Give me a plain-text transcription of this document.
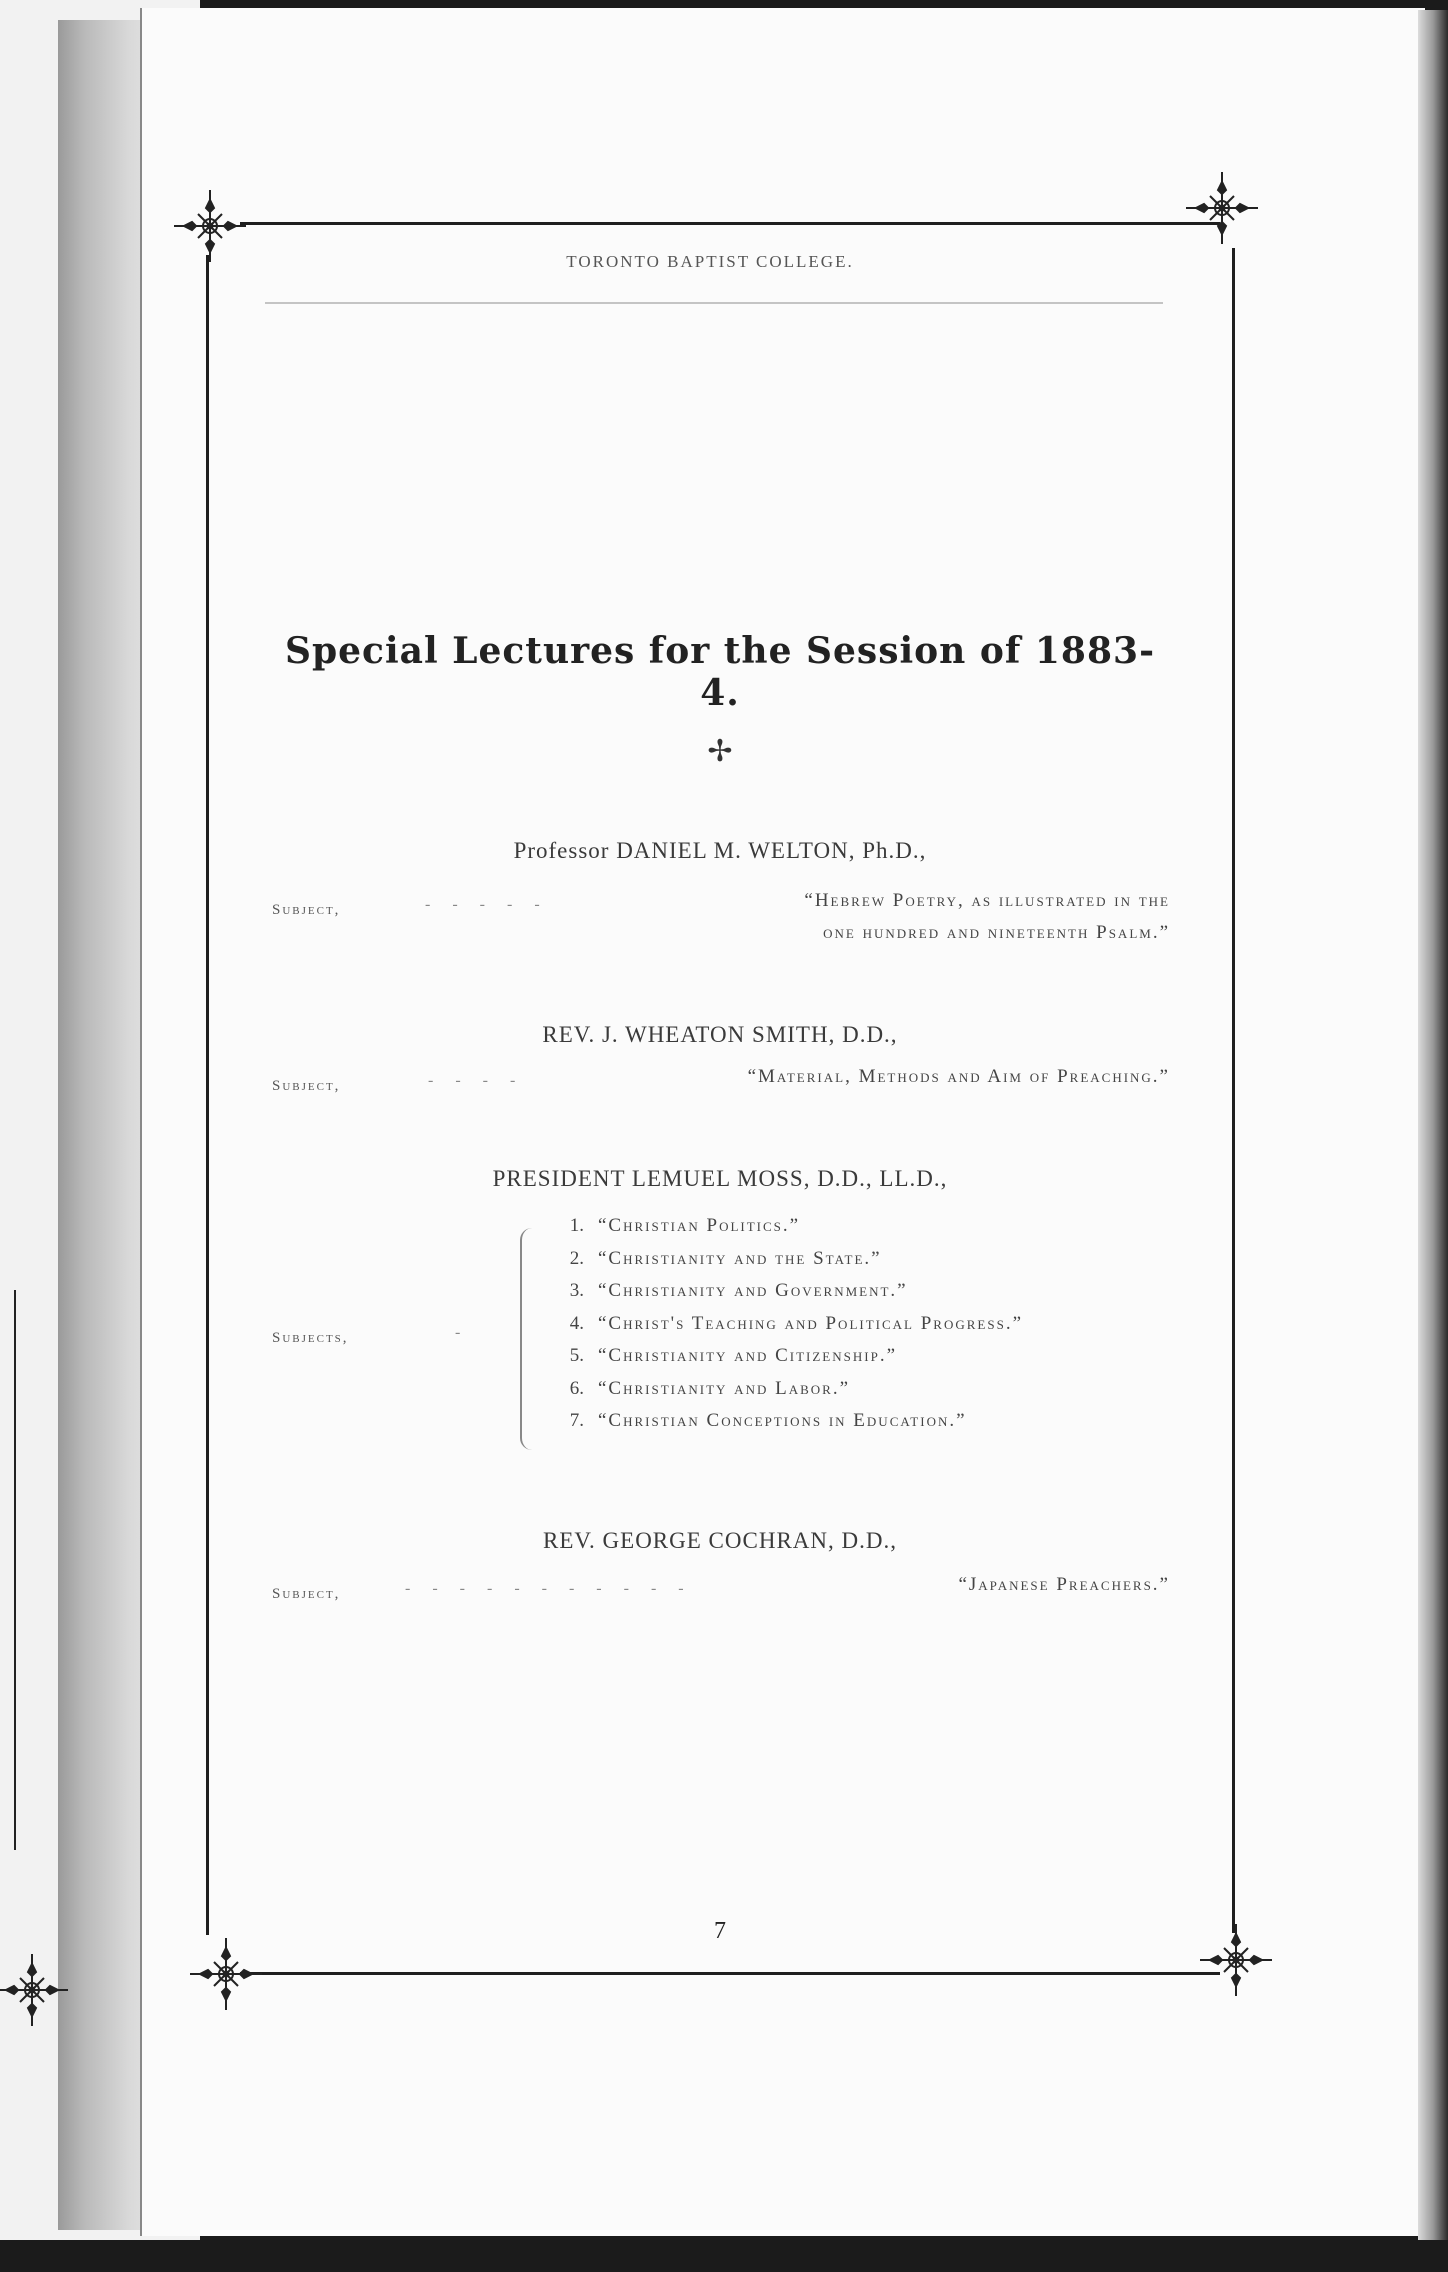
TORONTO BAPTIST COLLEGE.
Special Lectures for the Session of 1883-4.
✢
Professor DANIEL M. WELTON, Ph.D.,
Subject,	-----	“Hebrew Poetry, as illustrated in the
one hundred and nineteenth Psalm.”
REV. J. WHEATON SMITH, D.D.,
Subject,	----	“Material, Methods and Aim of Preaching.”
PRESIDENT LEMUEL MOSS, D.D., LL.D.,
Subjects,	-
1. “Christian Politics.”
2. “Christianity and the State.”
3. “Christianity and Government.”
4. “Christ's Teaching and Political Progress.”
5. “Christianity and Citizenship.”
6. “Christianity and Labor.”
7. “Christian Conceptions in Education.”
REV. GEORGE COCHRAN, D.D.,
Subject,	-----------	“Japanese Preachers.”
7
